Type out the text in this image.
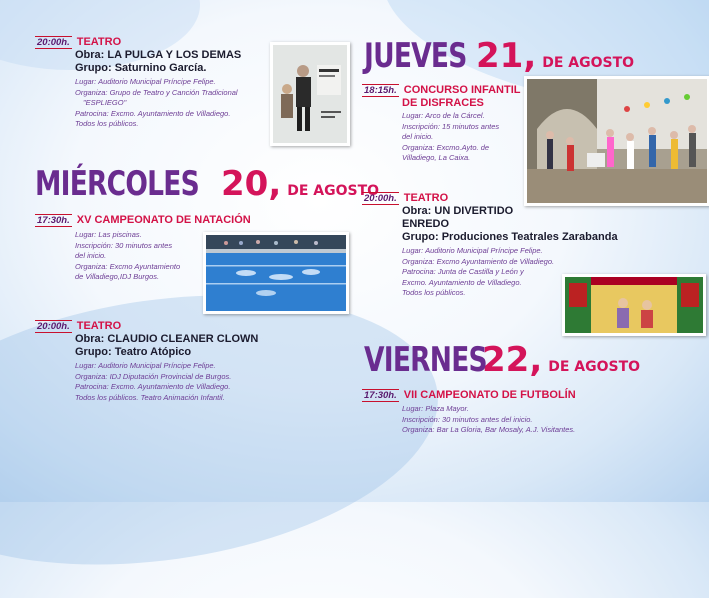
20:00h. TEATRO
Obra: LA PULGA Y LOS DEMAS
Grupo: Saturnino García.
Lugar: Auditorio Municipal Príncipe Felipe.
Organiza: Grupo de Teatro y Canción Tradicional
"ESPLIEGO"
Patrocina: Excmo. Ayuntamiento de Villadiego.
Todos los públicos.
MIÉRCOLES 20, DE AGOSTO
17:30h. XV CAMPEONATO DE NATACIÓN
Lugar: Las piscinas.
Inscripción: 30 minutos antes
del inicio.
Organiza: Excmo Ayuntamiento
de Villadiego,IDJ Burgos.
20:00h. TEATRO
Obra: CLAUDIO CLEANER CLOWN
Grupo: Teatro Atópico
Lugar: Auditorio Municipal Príncipe Felipe.
Organiza: IDJ Diputación Provincial de Burgos.
Patrocina: Excmo. Ayuntamiento de Villadiego.
Todos los públicos. Teatro Animación Infantil.
JUEVES 21, DE AGOSTO
18:15h. CONCURSO INFANTIL
DE DISFRACES
Lugar: Arco de la Cárcel.
Inscripción: 15 minutos antes
del inicio.
Organiza: Excmo.Ayto. de
Villadiego, La Caixa.
20:00h. TEATRO
Obra: UN DIVERTIDO
ENREDO
Grupo: Produciones Teatrales Zarabanda
Lugar: Auditorio Municipal Príncipe Felipe.
Organiza: Excmo Ayuntamiento de Villadiego.
Patrocina: Junta de Castilla y León y
Excmo. Ayuntamiento de Villadiego.
Todos los públicos.
VIERNES
22, DE AGOSTO
17:30h. VII CAMPEONATO DE FUTBOLÍN
Lugar: Plaza Mayor.
Inscripción: 30 minutos antes del inicio.
Organiza: Bar La Gloria, Bar Mosaly, A.J. Visitantes.
